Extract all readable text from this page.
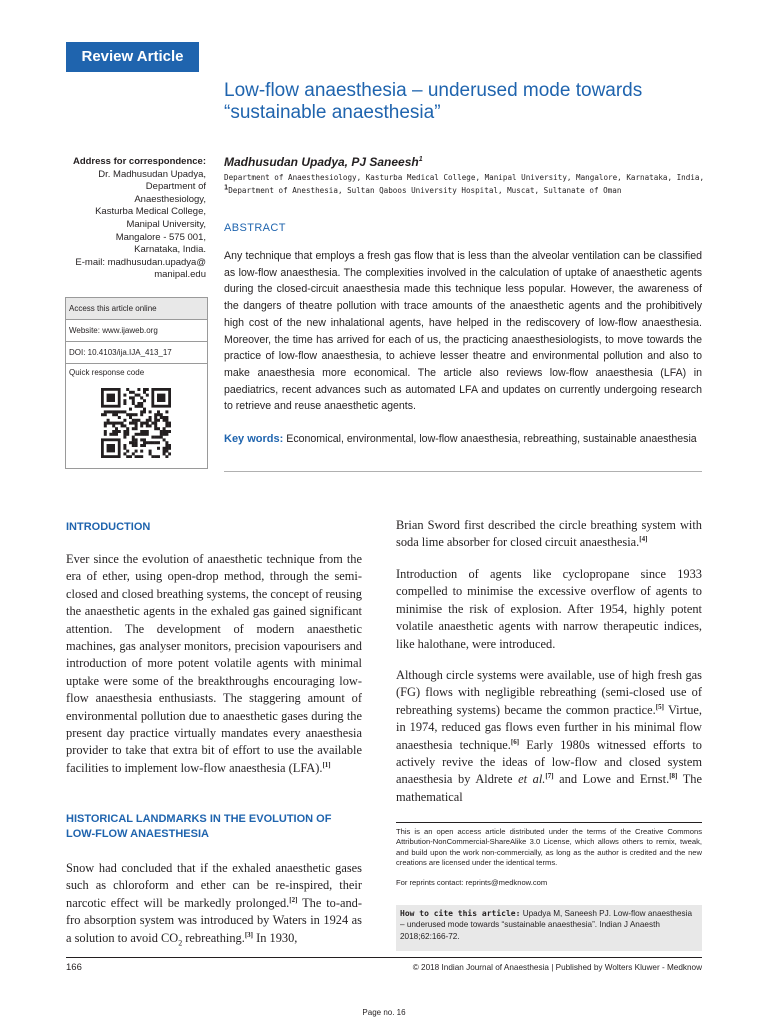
Review Article
Low-flow anaesthesia – underused mode towards
“sustainable anaesthesia”
Address for correspondence:
Dr. Madhusudan Upadya,
Department of
Anaesthesiology,
Kasturba Medical College,
Manipal University,
Mangalore - 575 001,
Karnataka, India.
E-mail: madhusudan.upadya@
manipal.edu
Access this article online
Website: www.ijaweb.org
DOI: 10.4103/ija.IJA_413_17
Quick response code
Madhusudan Upadya, PJ Saneesh$^1$
Department of Anaesthesiology, Kasturba Medical College, Manipal University, Mangalore, Karnataka, India,
$^1$Department of Anesthesia, Sultan Qaboos University Hospital, Muscat, Sultanate of Oman
ABSTRACT
Any technique that employs a fresh gas flow that is less than the alveolar ventilation can be classified as low-flow anaesthesia. The complexities involved in the calculation of uptake of anaesthetic agents during the closed-circuit anaesthesia made this technique less popular. However, the awareness of the dangers of theatre pollution with trace amounts of the anaesthetic agents and the prohibitively high cost of the new inhalational agents, have helped in the rediscovery of low-flow anaesthesia. Moreover, the time has arrived for each of us, the practicing anaesthesiologists, to move towards the practice of low-flow anaesthesia, to achieve lesser theatre and environmental pollution and also to make anaesthesia more economical. The article also reviews low-flow anaesthesia (LFA) in paediatrics, recent advances such as automated LFA and updates on currently undergoing research to retrieve and reuse anaesthetic agents.
Key words: Economical, environmental, low-flow anaesthesia, rebreathing, sustainable anaesthesia
INTRODUCTION
Ever since the evolution of anaesthetic technique from the era of ether, using open-drop method, through the semi-closed and closed breathing systems, the concept of reusing the anaesthetic agents in the exhaled gas gained significant attention. The development of modern anaesthetic machines, gas analyser monitors, precision vapourisers and introduction of more potent volatile agents with minimal uptake were some of the breakthroughs encouraging low-flow anaesthesia enthusiasts. The staggering amount of environmental pollution due to anaesthetic gases during the present day practice virtually mandates every anaesthesia provider to take that extra bit of effort to use the available facilities to implement low-flow anaesthesia (LFA).[1]
HISTORICAL LANDMARKS IN THE EVOLUTION OF
LOW-FLOW ANAESTHESIA
Snow had concluded that if the exhaled anaesthetic gases such as chloroform and ether can be re-inspired, their narcotic effect will be markedly prolonged.[2] The to-and-fro absorption system was introduced by Waters in 1924 as a solution to avoid $CO_2$ rebreathing.[3] In 1930,
Brian Sword first described the circle breathing system with soda lime absorber for closed circuit anaesthesia.[4]
Introduction of agents like cyclopropane since 1933 compelled to minimise the excessive overflow of agents to minimise the risk of explosion. After 1954, highly potent volatile anaesthetic agents with narrow therapeutic indices, like halothane, were introduced.
Although circle systems were available, use of high fresh gas (FG) flows with negligible rebreathing (semi-closed use of rebreathing systems) became the common practice.[5] Virtue, in 1974, reduced gas flows even further in his minimal flow anaesthesia technique.[6] Early 1980s witnessed efforts to actively revive the ideas of low-flow and closed system anaesthesia by Aldrete et al.[7] and Lowe and Ernst.[8] The mathematical
This is an open access article distributed under the terms of the Creative Commons Attribution-NonCommercial-ShareAlike 3.0 License, which allows others to remix, tweak, and build upon the work non-commercially, as long as the author is credited and the new creations are licensed under the identical terms.
For reprints contact: reprints@medknow.com
How to cite this article: Upadya M, Saneesh PJ. Low-flow anaesthesia – underused mode towards “sustainable anaesthesia”. Indian J Anaesth 2018;62:166-72.
166	© 2018 Indian Journal of Anaesthesia | Published by Wolters Kluwer - Medknow
Page no. 16
